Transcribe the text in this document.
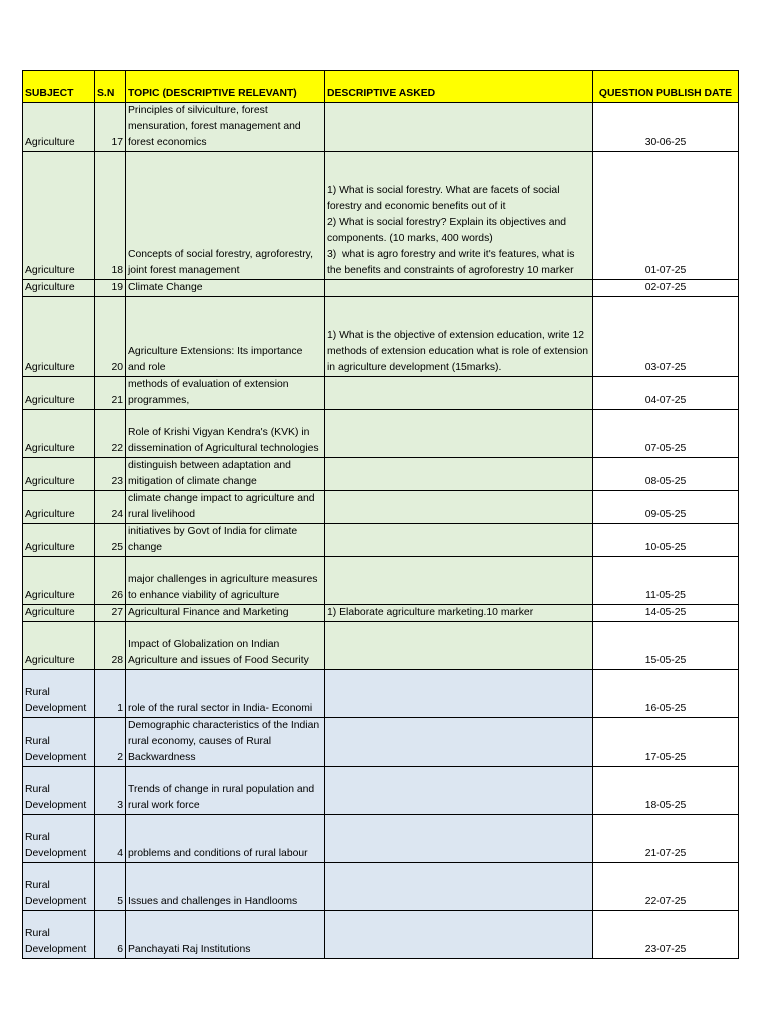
SUBJECT	S.N	TOPIC (DESCRIPTIVE RELEVANT)	DESCRIPTIVE ASKED	QUESTION PUBLISH DATE
Agriculture	17	Principles of silviculture, forest mensuration, forest management and forest economics		30-06-25
Agriculture	18	Concepts of social forestry, agroforestry, joint forest management	1) What is social forestry. What are facets of social forestry and economic benefits out of it
2) What is social forestry? Explain its objectives and components. (10 marks, 400 words)
3)  what is agro forestry and write it's features, what is the benefits and constraints of agroforestry 10 marker	01-07-25
Agriculture	19	Climate Change		02-07-25
Agriculture	20	Agriculture Extensions: Its importance and role	1) What is the objective of extension education, write 12 methods of extension education what is role of extension in agriculture development (15marks).	03-07-25
Agriculture	21	methods of evaluation of extension programmes,		04-07-25
Agriculture	22	Role of Krishi Vigyan Kendra's (KVK) in dissemination of Agricultural technologies		07-05-25
Agriculture	23	distinguish between adaptation and mitigation of climate change		08-05-25
Agriculture	24	climate change impact to agriculture and rural livelihood		09-05-25
Agriculture	25	initiatives by Govt of India for climate change		10-05-25
Agriculture	26	major challenges in agriculture measures to enhance viability of agriculture		11-05-25
Agriculture	27	Agricultural Finance and Marketing	1) Elaborate agriculture marketing.10 marker	14-05-25
Agriculture	28	Impact of Globalization on Indian Agriculture and issues of Food Security		15-05-25
Rural Development	1	role of the rural sector in India- Economi		16-05-25
Rural Development	2	Demographic characteristics of the Indian rural economy, causes of Rural Backwardness		17-05-25
Rural Development	3	Trends of change in rural population and rural work force		18-05-25
Rural Development	4	problems and conditions of rural labour		21-07-25
Rural Development	5	Issues and challenges in Handlooms		22-07-25
Rural Development	6	Panchayati Raj Institutions		23-07-25
